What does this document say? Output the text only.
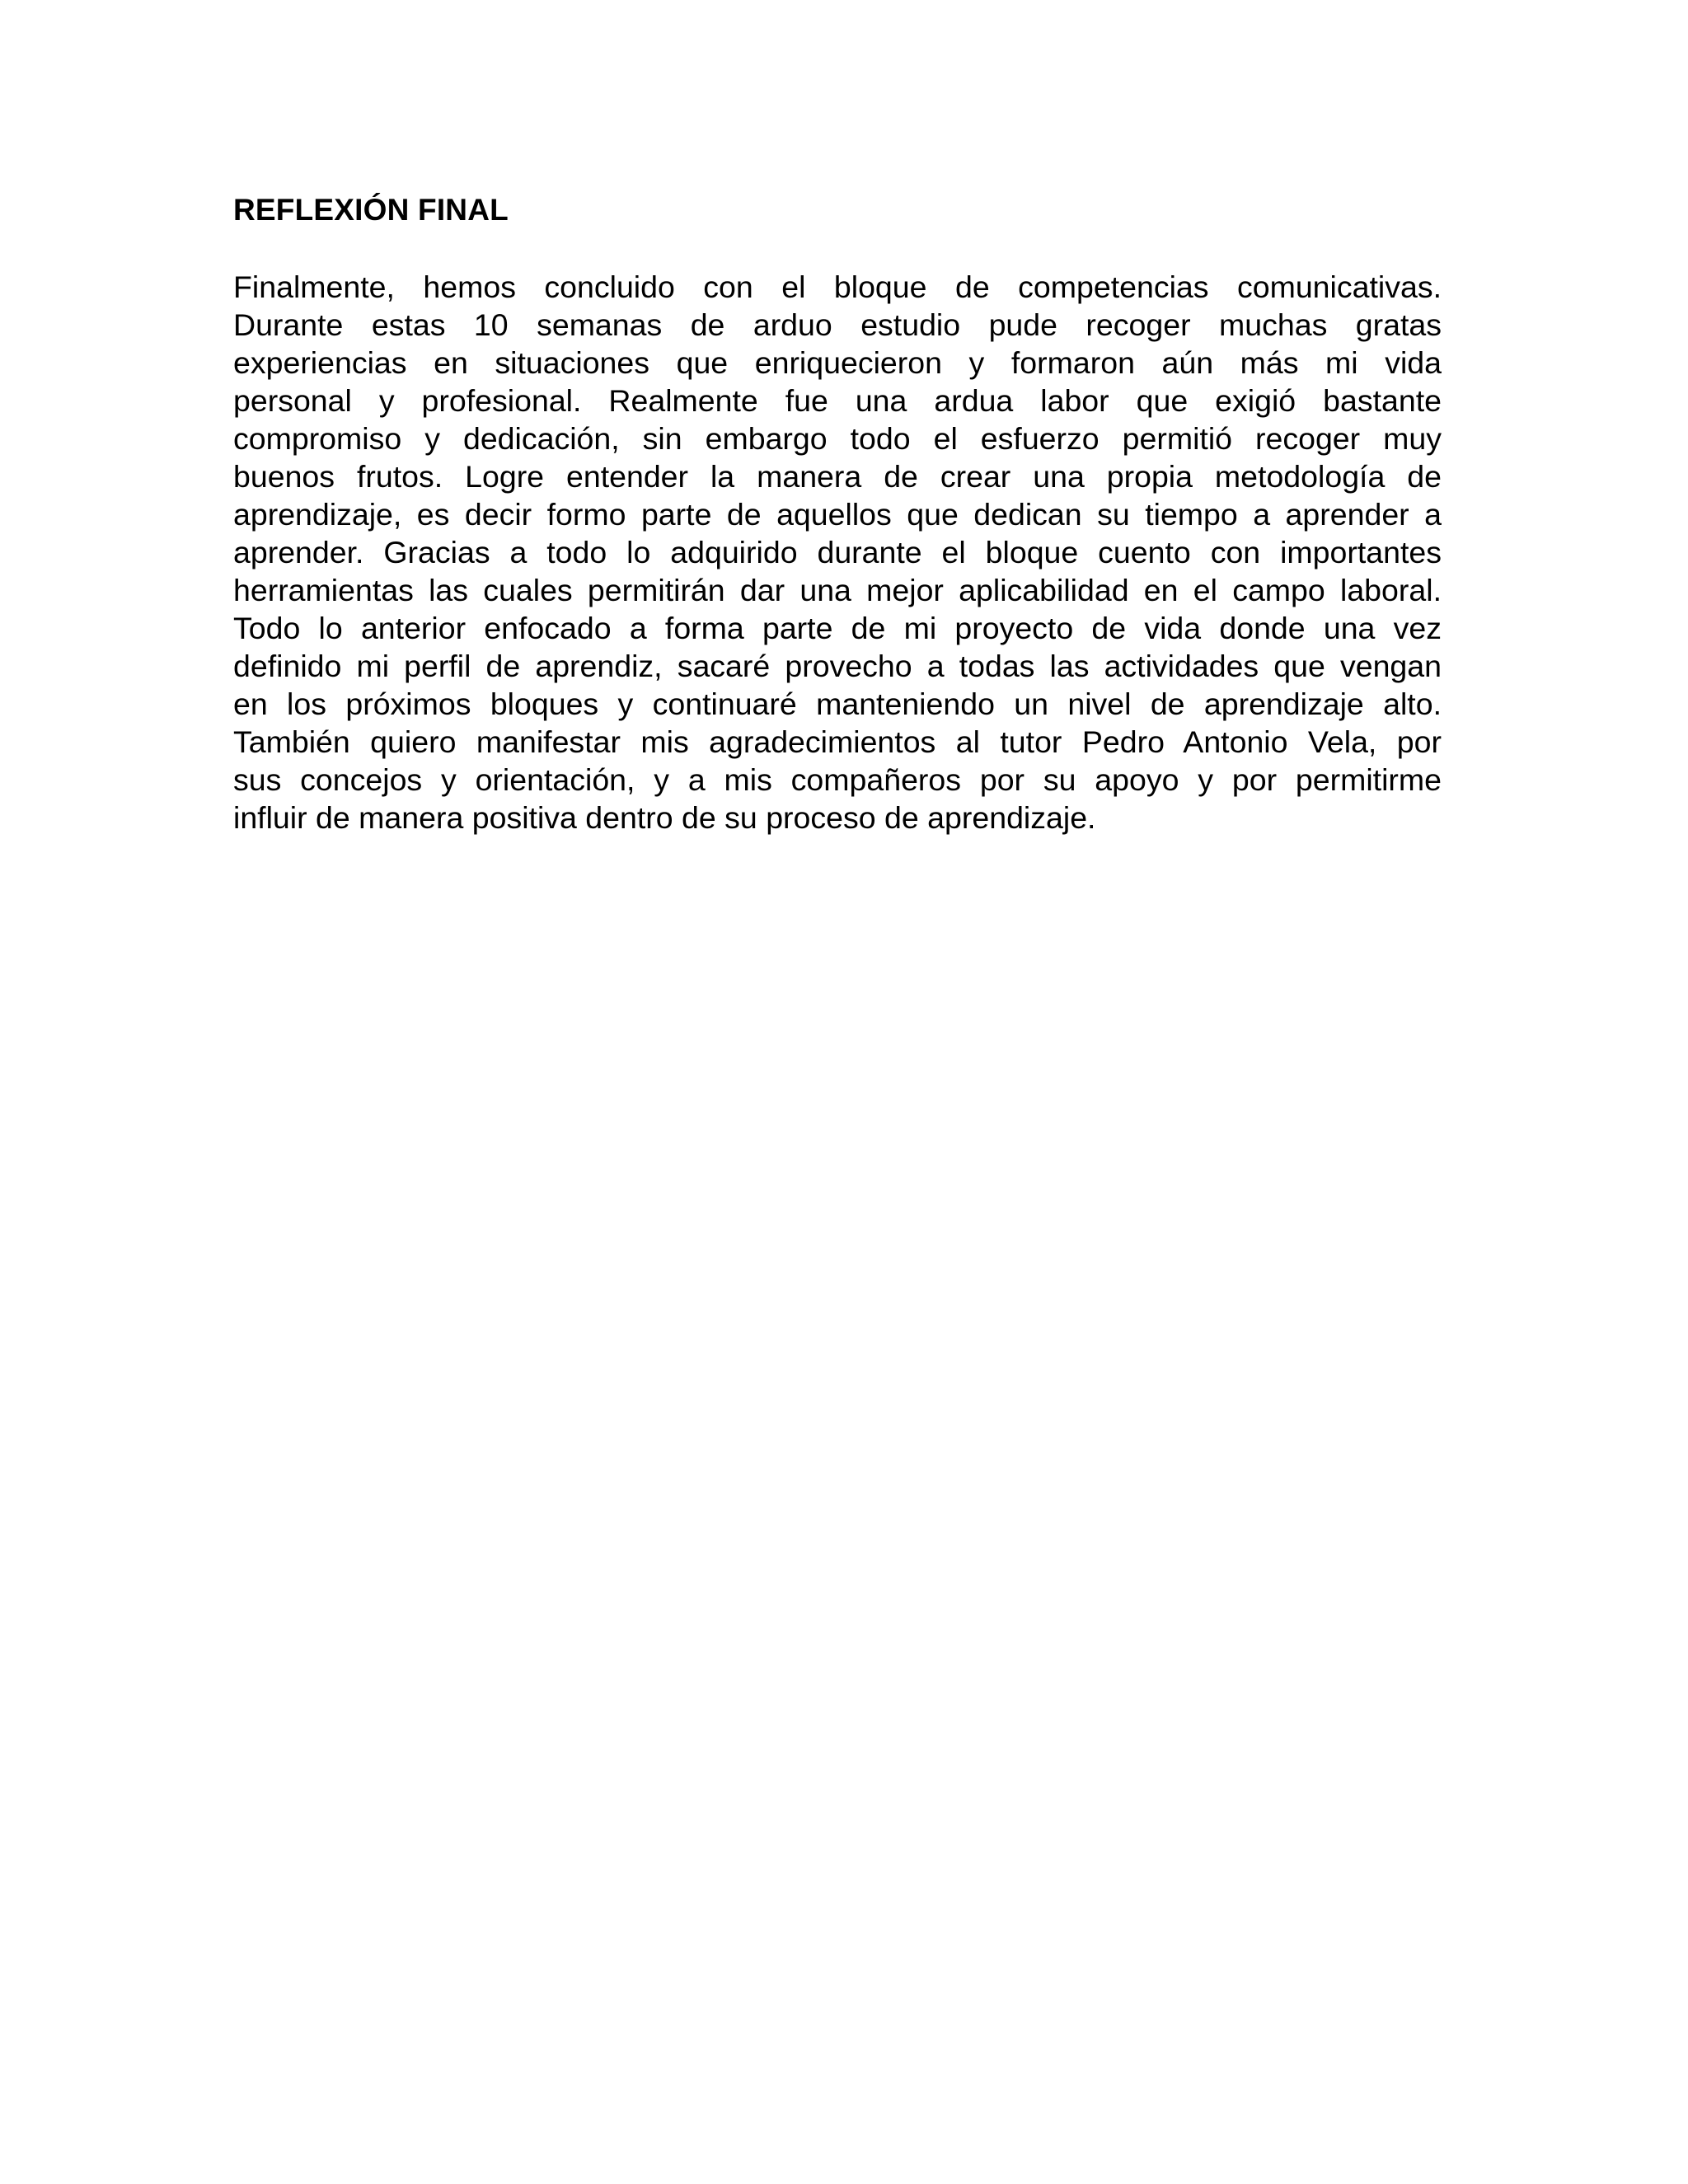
REFLEXIÓN FINAL
Finalmente, hemos concluido con el bloque de competencias comunicativas.
Durante estas 10 semanas de arduo estudio pude recoger muchas gratas
experiencias en situaciones que enriquecieron y formaron aún más mi vida
personal y profesional. Realmente fue una ardua labor que exigió bastante
compromiso y dedicación, sin embargo todo el esfuerzo permitió recoger muy
buenos frutos. Logre entender la manera de crear una propia metodología de
aprendizaje, es decir formo parte de aquellos que dedican su tiempo a aprender a
aprender. Gracias a todo lo adquirido durante el bloque cuento con importantes
herramientas las cuales permitirán dar una mejor aplicabilidad en el campo laboral.
Todo lo anterior enfocado a forma parte de mi proyecto de vida donde una vez
definido mi perfil de aprendiz, sacaré provecho a todas las actividades que vengan
en los próximos bloques y continuaré manteniendo un nivel de aprendizaje alto.
También quiero manifestar mis agradecimientos al tutor Pedro Antonio Vela, por
sus concejos y orientación, y a mis compañeros por su apoyo y por permitirme
influir de manera positiva dentro de su proceso de aprendizaje.
